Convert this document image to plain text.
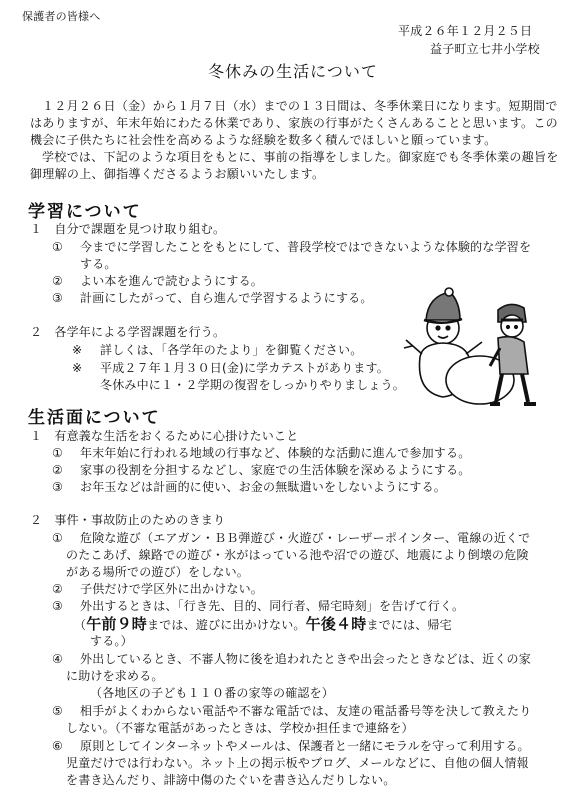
保護者の皆様へ
平成２６年１２月２５日
益子町立七井小学校
冬休みの生活について
１２月２６日（金）から１月７日（水）までの１３日間は、冬季休業日になります。短期間ではありますが、年末年始にわたる休業であり、家族の行事がたくさんあることと思います。この機会に子供たちに社会性を高めるような経験を数多く積んでほしいと願っています。
学校では、下記のような項目をもとに、事前の指導をしました。御家庭でも冬季休業の趣旨を御理解の上、御指導くださるようお願いいたします。
学習について
１　自分で課題を見つけ取り組む。
① 今までに学習したことをもとにして、普段学校ではできないような体験的な学習を
する。
② よい本を進んで読むようにする。
③ 計画にしたがって、自ら進んで学習するようにする。
２　各学年による学習課題を行う。
※ 詳しくは、「各学年のたより」を御覧ください。
※ 平成２７年１月３０日(金)に学カテストがあります。
冬休み中に１・２学期の復習をしっかりやりましょう。
生活面について
１　有意義な生活をおくるために心掛けたいこと
① 年末年始に行われる地域の行事など、体験的な活動に進んで参加する。
② 家事の役割を分担するなどし、家庭での生活体験を深めるようにする。
③ お年玉などは計画的に使い、お金の無駄遣いをしないようにする。
２　事件・事故防止のためのきまり
① 危険な遊び（エアガン・ＢＢ弾遊び・火遊び・レーザーポインター、電線の近くで
のたこあげ、線路での遊び・氷がはっている池や沼での遊び、地震により倒壊の危険
がある場所での遊び）をしない。
② 子供だけで学区外に出かけない。
③ 外出するときは、「行き先、目的、同行者、帰宅時刻」を告げて行く。
（午前９時までは、遊びに出かけない。午後４時までには、帰宅
する。）
④ 外出しているとき、不審人物に後を追われたときや出会ったときなどは、近くの家
に助けを求める。
（各地区の子ども１１０番の家等の確認を）
⑤ 相手がよくわからない電話や不審な電話では、友達の電話番号等を決して教えたり
しない。（不審な電話があったときは、学校か担任まで連絡を）
⑥ 原則としてインターネットやメールは、保護者と一緒にモラルを守って利用する。
児童だけでは行わない。ネット上の掲示板やブログ、メールなどに、自他の個人情報
を書き込んだり、誹謗中傷のたぐいを書き込んだりしない。
